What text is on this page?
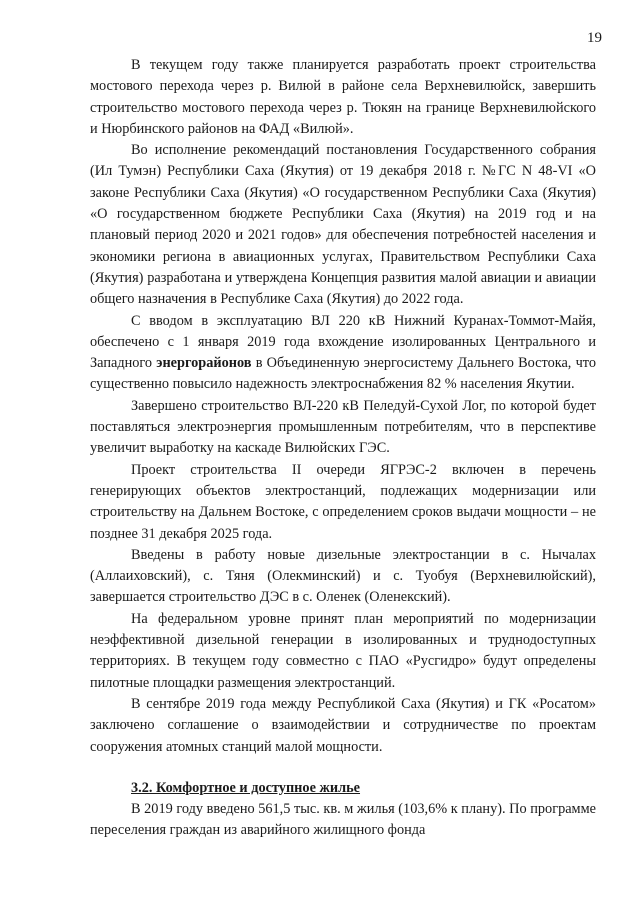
19

В текущем году также планируется разработать проект строительства мостового перехода через р. Вилюй в районе села Верхневилюйск, завершить строительство мостового перехода через р. Тюкян на границе Верхневилюйского и Нюрбинского районов на ФАД «Вилюй».

Во исполнение рекомендаций постановления Государственного собрания (Ил Тумэн) Республики Саха (Якутия) от 19 декабря 2018 г. №ГС N 48-VI «О законе Республики Саха (Якутия) «О государственном Республики Саха (Якутия) «О государственном бюджете Республики Саха (Якутия) на 2019 год и на плановый период 2020 и 2021 годов» для обеспечения потребностей населения и экономики региона в авиационных услугах, Правительством Республики Саха (Якутия) разработана и утверждена Концепция развития малой авиации и авиации общего назначения в Республике Саха (Якутия) до 2022 года.

С вводом в эксплуатацию ВЛ 220 кВ Нижний Куранах-Томмот-Майя, обеспечено с 1 января 2019 года вхождение изолированных Центрального и Западного энергорайонов в Объединенную энергосистему Дальнего Востока, что существенно повысило надежность электроснабжения 82 % населения Якутии.

Завершено строительство ВЛ-220 кВ Пеледуй-Сухой Лог, по которой будет поставляться электроэнергия промышленным потребителям, что в перспективе увеличит выработку на каскаде Вилюйских ГЭС.

Проект строительства II очереди ЯГРЭС-2 включен в перечень генерирующих объектов электростанций, подлежащих модернизации или строительству на Дальнем Востоке, с определением сроков выдачи мощности – не позднее 31 декабря 2025 года.

Введены в работу новые дизельные электростанции в с. Нычалах (Аллаиховский), с. Тяня (Олекминский) и с. Туобуя (Верхневилюйский), завершается строительство ДЭС в с. Оленек (Оленекский).

На федеральном уровне принят план мероприятий по модернизации неэффективной дизельной генерации в изолированных и труднодоступных территориях. В текущем году совместно с ПАО «Русгидро» будут определены пилотные площадки размещения электростанций.

В сентябре 2019 года между Республикой Саха (Якутия) и ГК «Росатом» заключено соглашение о взаимодействии и сотрудничестве по проектам сооружения атомных станций малой мощности.

3.2. Комфортное и доступное жилье

В 2019 году введено 561,5 тыс. кв. м жилья (103,6% к плану). По программе переселения граждан из аварийного жилищного фонда
